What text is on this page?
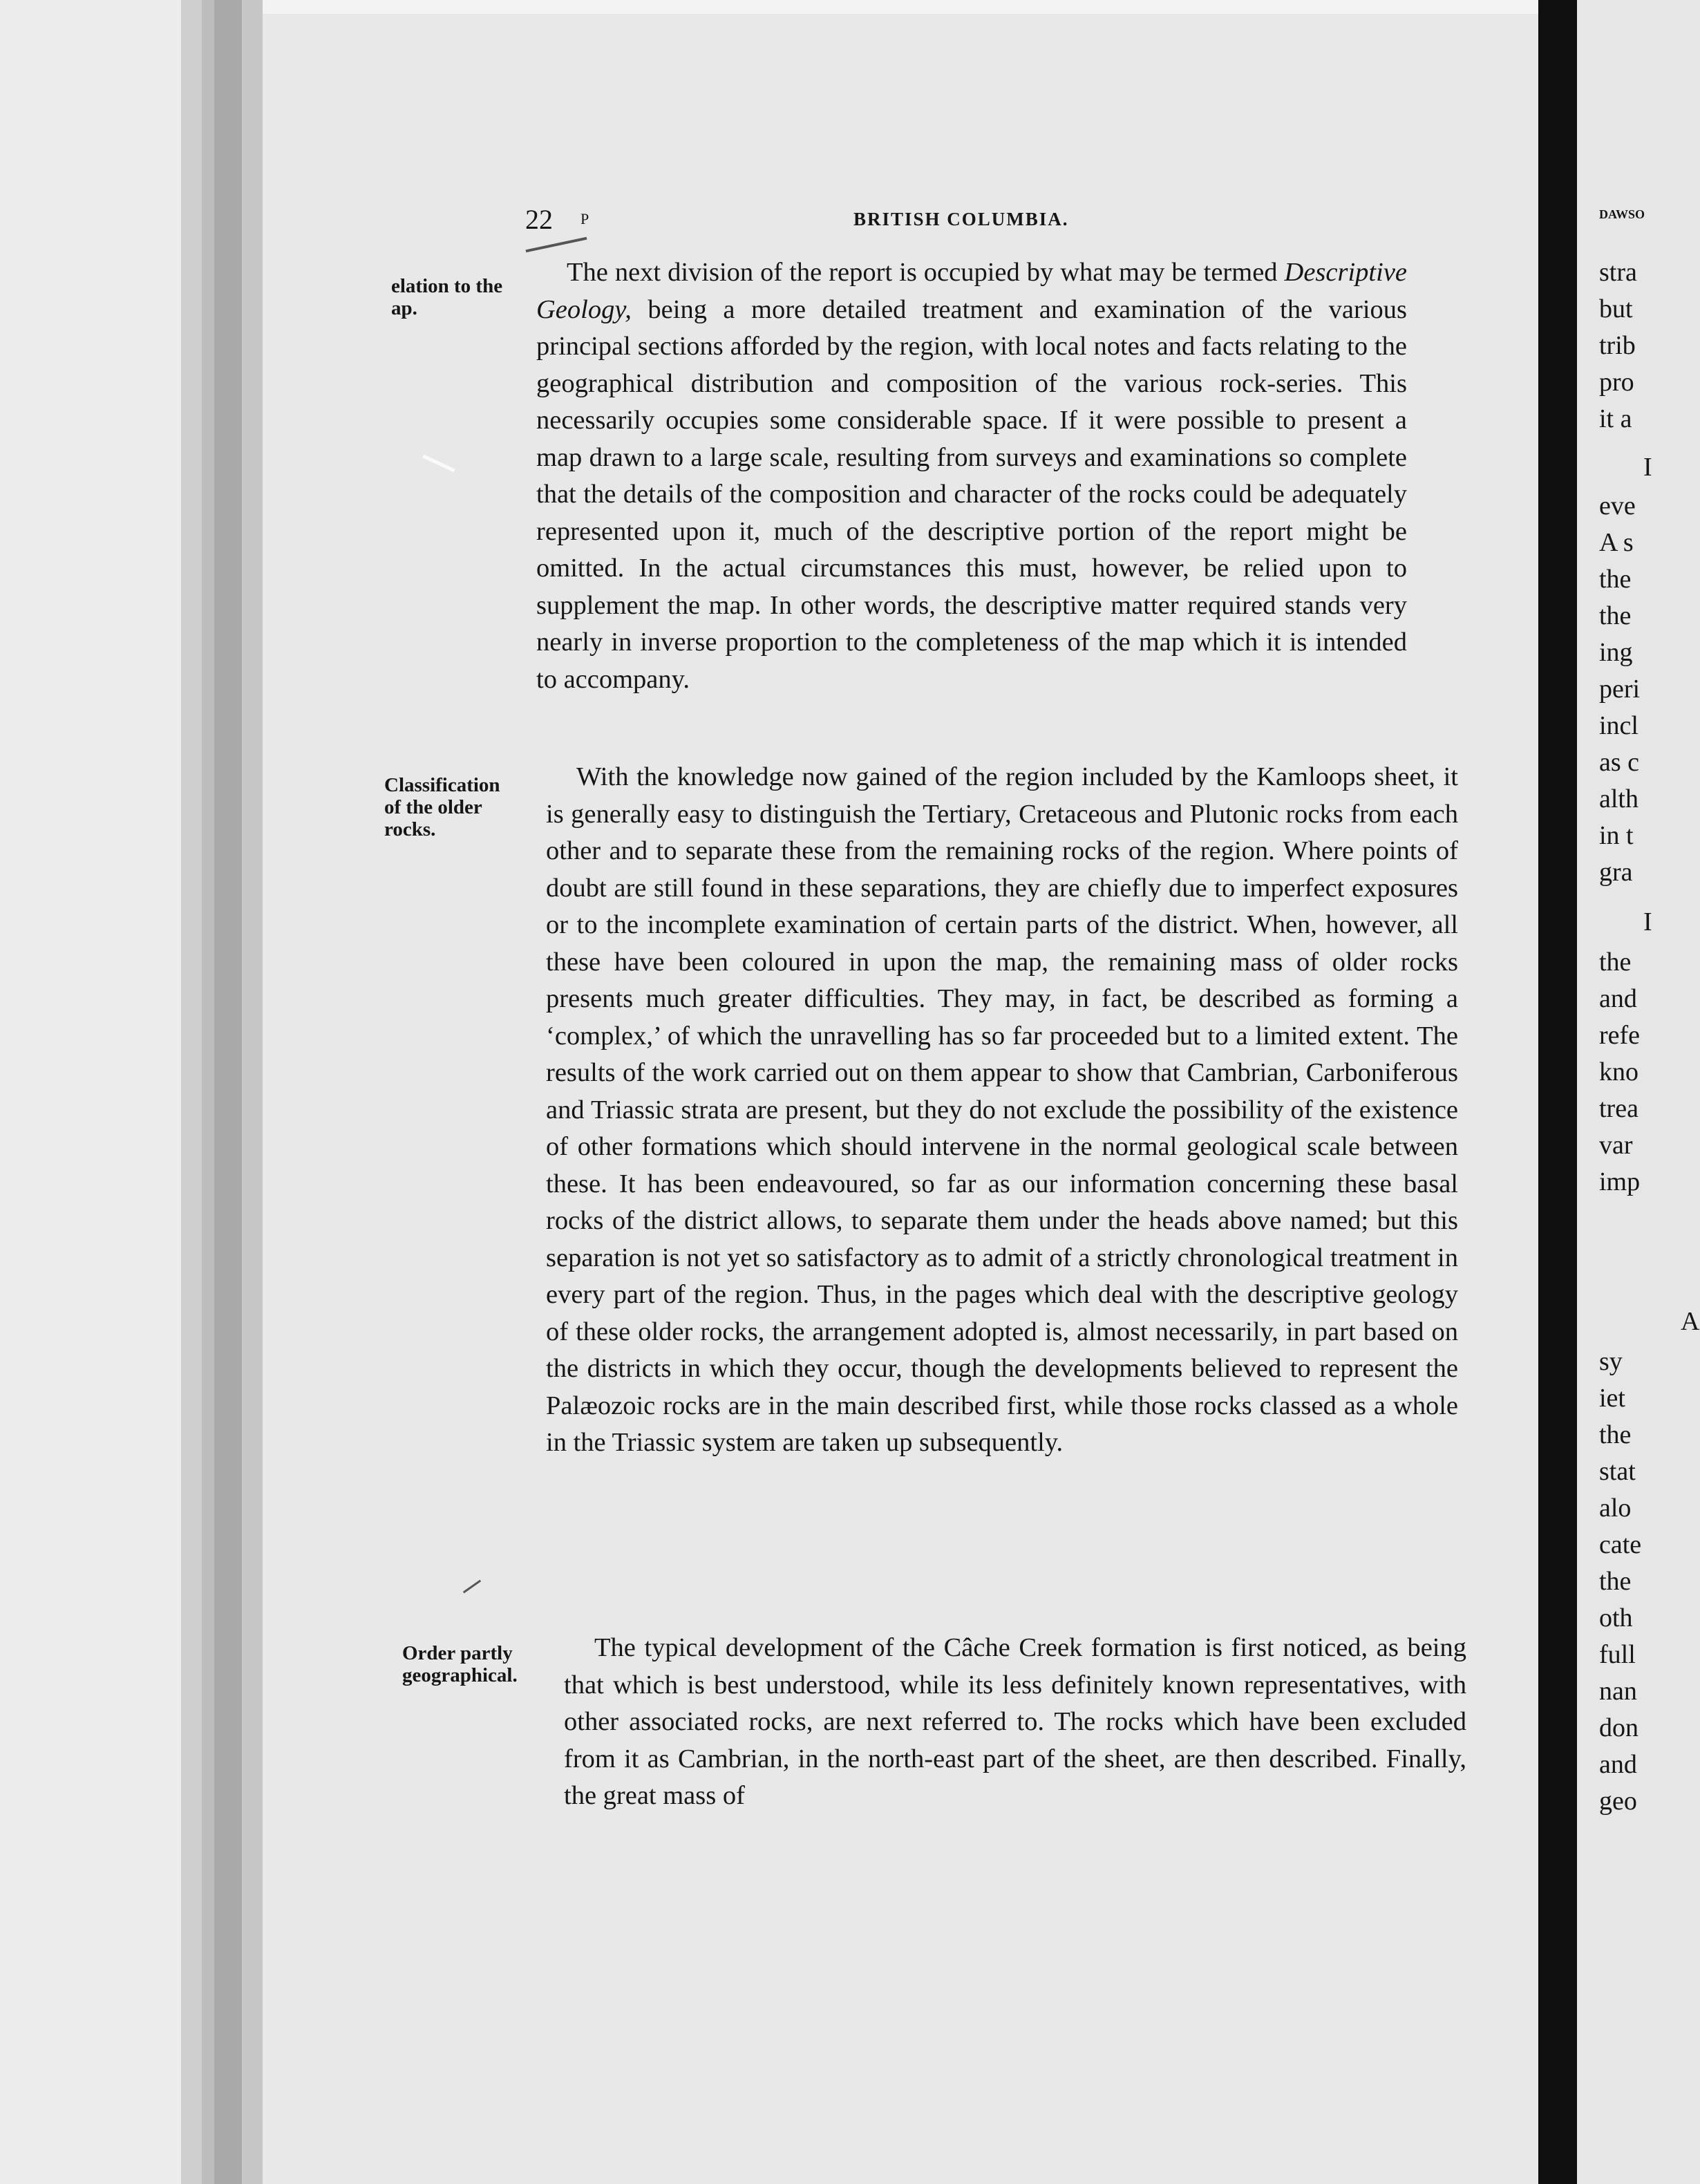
22 P	BRITISH COLUMBIA.
elation to the
ap.
Classification
of the older
rocks.
Order partly
geographical.

The next division of the report is occupied by what may be termed Descriptive Geology, being a more detailed treatment and examination of the various principal sections afforded by the region, with local notes and facts relating to the geographical distribution and composition of the various rock-series. This necessarily occupies some considerable space. If it were possible to present a map drawn to a large scale, resulting from surveys and examinations so complete that the details of the composition and character of the rocks could be adequately represented upon it, much of the descriptive portion of the report might be omitted. In the actual circumstances this must, however, be relied upon to supplement the map. In other words, the descriptive matter required stands very nearly in inverse proportion to the completeness of the map which it is intended to accompany.

With the knowledge now gained of the region included by the Kamloops sheet, it is generally easy to distinguish the Tertiary, Cretaceous and Plutonic rocks from each other and to separate these from the remaining rocks of the region. Where points of doubt are still found in these separations, they are chiefly due to imperfect exposures or to the incomplete examination of certain parts of the district. When, however, all these have been coloured in upon the map, the remaining mass of older rocks presents much greater difficulties. They may, in fact, be described as forming a ‘complex,’ of which the unravelling has so far proceeded but to a limited extent. The results of the work carried out on them appear to show that Cambrian, Carboniferous and Triassic strata are present, but they do not exclude the possibility of the existence of other formations which should intervene in the normal geological scale between these. It has been endeavoured, so far as our information concerning these basal rocks of the district allows, to separate them under the heads above named; but this separation is not yet so satisfactory as to admit of a strictly chronological treatment in every part of the region. Thus, in the pages which deal with the descriptive geology of these older rocks, the arrangement adopted is, almost necessarily, in part based on the districts in which they occur, though the developments believed to represent the Palæozoic rocks are in the main described first, while those rocks classed as a whole in the Triassic system are taken up subsequently.

The typical development of the Câche Creek formation is first noticed, as being that which is best understood, while its less definitely known representatives, with other associated rocks, are next referred to. The rocks which have been excluded from it as Cambrian, in the north-east part of the sheet, are then described. Finally, the great mass of

DAWSO
stra
but
trib
pro
it a
I
eve
A s
the
the
ing
peri
incl
as c
alth
in t
gra
I
the
and
refe
kno
trea
var
imp
A
sy
iet
the
stat
alo
cate
the
oth
full
nan
don
and
geo
